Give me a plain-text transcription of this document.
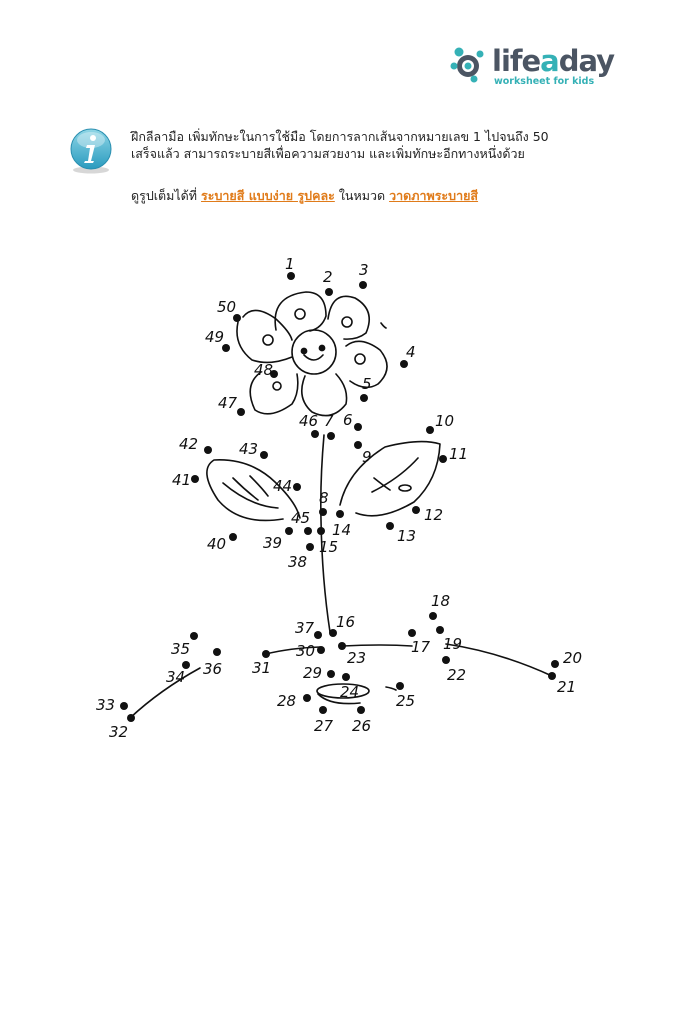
lifeaday
worksheet for kids

ฝึกลีลามือ เพิ่มทักษะในการใช้มือ โดยการลากเส้นจากหมายเลข 1 ไปจนถึง 50

เสร็จแล้ว สามารถระบายสีเพื่อความสวยงาม และเพิ่มทักษะอีกทางหนึ่งด้วย

ดูรูปเต็มได้ที่ ระบายสี แบบง่าย รูปคละ ในหมวด วาดภาพระบายสี
1
2 3
4
5
6
7
8
9
10
11
12
13
14
15
16
17
18
19
20
21
22
23
24 25
26
27
28
29
30
31
32
33
34
35
36
37
38
39
40
41
42	43
44
45
46
47
48
49
50
